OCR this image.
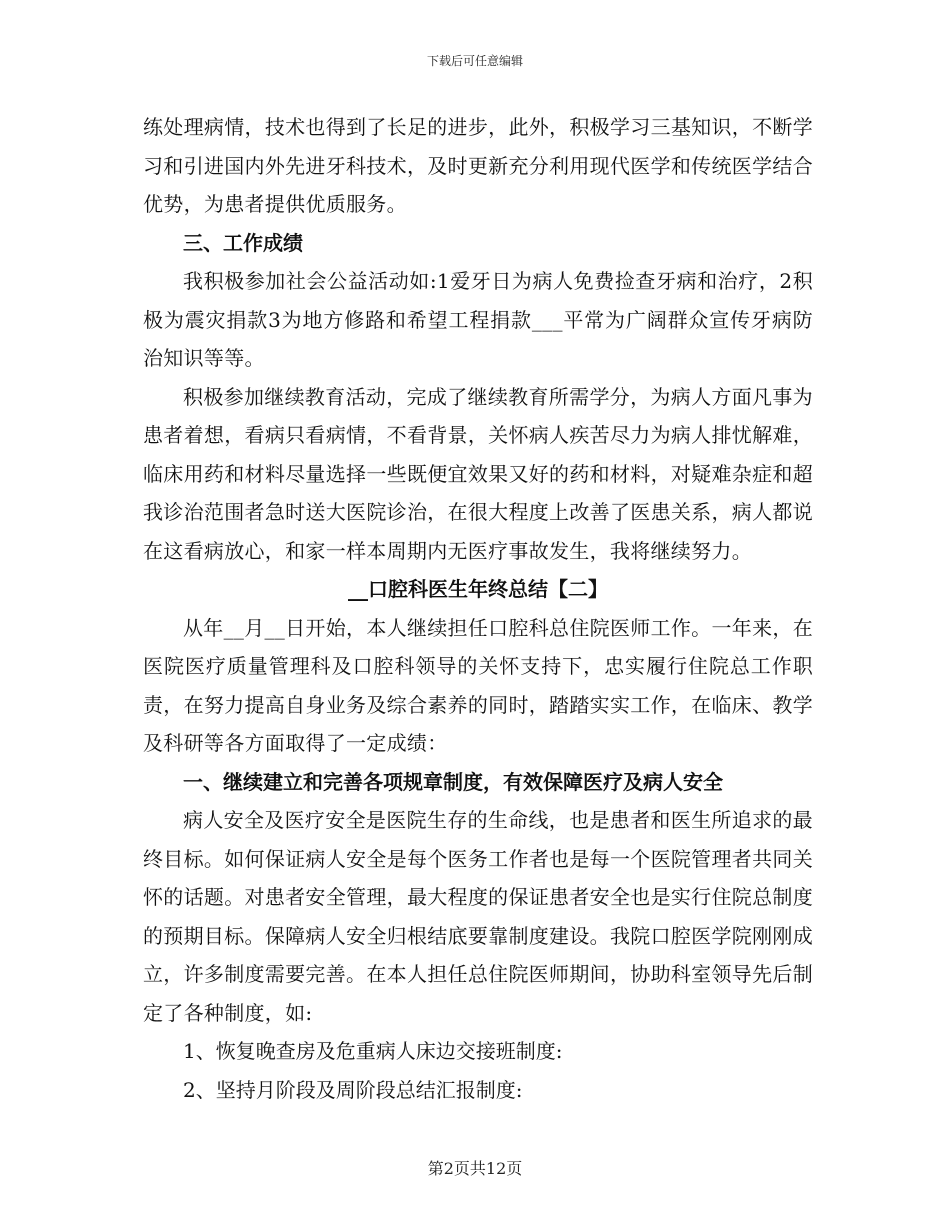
下载后可任意编辑

练处理病情，技术也得到了长足的进步，此外，积极学习三基知识，不断学习和引进国内外先进牙科技术，及时更新充分利用现代医学和传统医学结合优势，为患者提供优质服务。

三、工作成绩

我积极参加社会公益活动如:1爱牙日为病人免费捡查牙病和治疗，2积极为震灾捐款3为地方修路和希望工程捐款___平常为广阔群众宣传牙病防治知识等等。

积极参加继续教育活动，完成了继续教育所需学分，为病人方面凡事为患者着想，看病只看病情，不看背景，关怀病人疾苦尽力为病人排忧解难，临床用药和材料尽量选择一些既便宜效果又好的药和材料，对疑难杂症和超我诊治范围者急时送大医院诊治，在很大程度上改善了医患关系，病人都说在这看病放心，和家一样本周期内无医疗事故发生，我将继续努力。

__口腔科医生年终总结【二】

从年__月__日开始，本人继续担任口腔科总住院医师工作。一年来，在医院医疗质量管理科及口腔科领导的关怀支持下，忠实履行住院总工作职责，在努力提高自身业务及综合素养的同时，踏踏实实工作，在临床、教学及科研等各方面取得了一定成绩：

一、继续建立和完善各项规章制度，有效保障医疗及病人安全

病人安全及医疗安全是医院生存的生命线，也是患者和医生所追求的最终目标。如何保证病人安全是每个医务工作者也是每一个医院管理者共同关怀的话题。对患者安全管理，最大程度的保证患者安全也是实行住院总制度的预期目标。保障病人安全归根结底要靠制度建设。我院口腔医学院刚刚成立，许多制度需要完善。在本人担任总住院医师期间，协助科室领导先后制定了各种制度，如:

1、恢复晚查房及危重病人床边交接班制度:

2、坚持月阶段及周阶段总结汇报制度:

第2页共12页
